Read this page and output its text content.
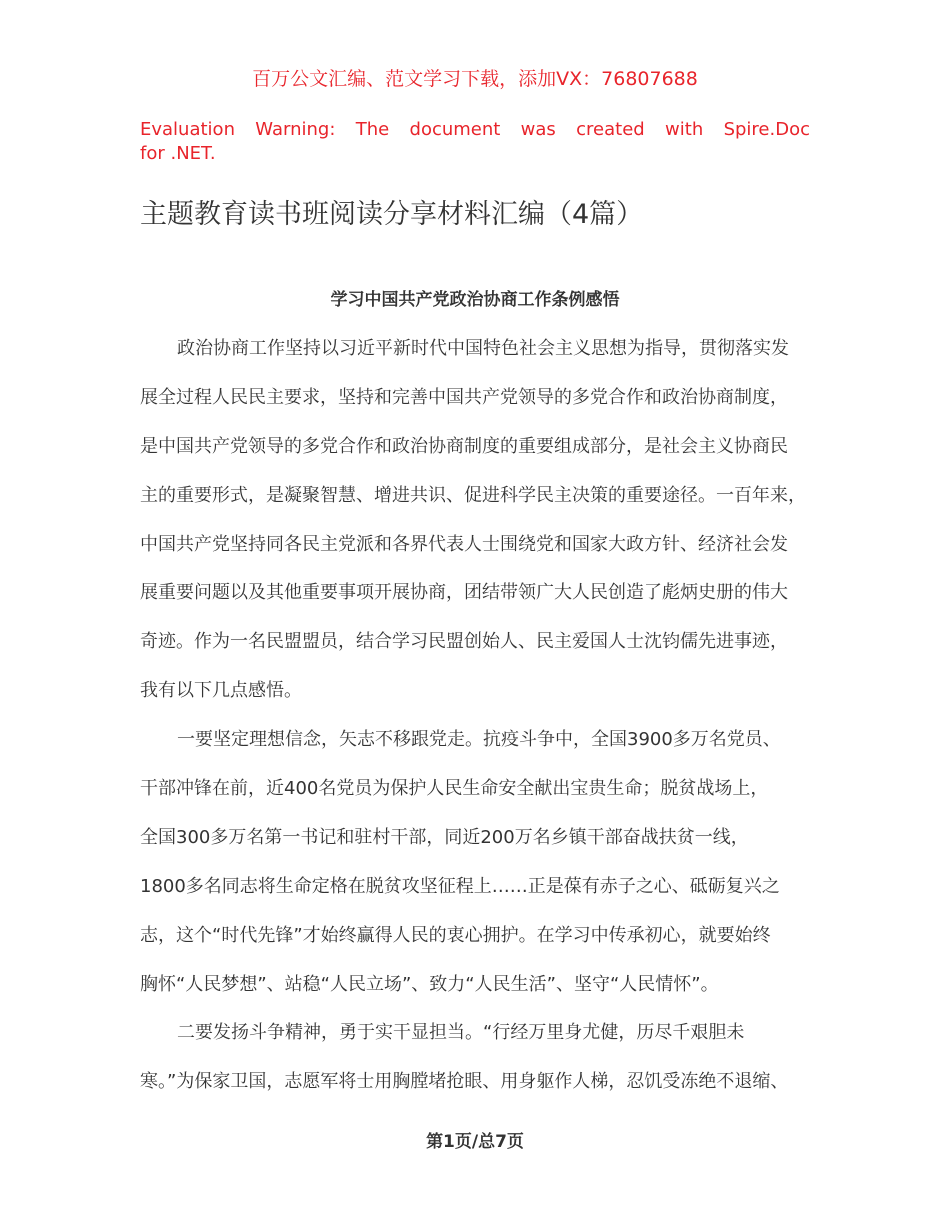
百万公文汇编、范文学习下载，添加VX：76807688
Evaluation Warning: The document was created with Spire.Doc
for .NET.
主题教育读书班阅读分享材料汇编（4篇）
学习中国共产党政治协商工作条例感悟
政治协商工作坚持以习近平新时代中国特色社会主义思想为指导，贯彻落实发
展全过程人民民主要求，坚持和完善中国共产党领导的多党合作和政治协商制度，
是中国共产党领导的多党合作和政治协商制度的重要组成部分，是社会主义协商民
主的重要形式，是凝聚智慧、增进共识、促进科学民主决策的重要途径。一百年来，
中国共产党坚持同各民主党派和各界代表人士围绕党和国家大政方针、经济社会发
展重要问题以及其他重要事项开展协商，团结带领广大人民创造了彪炳史册的伟大
奇迹。作为一名民盟盟员，结合学习民盟创始人、民主爱国人士沈钧儒先进事迹，
我有以下几点感悟。
一要坚定理想信念，矢志不移跟党走。抗疫斗争中，全国3900多万名党员、
干部冲锋在前，近400名党员为保护人民生命安全献出宝贵生命；脱贫战场上，
全国300多万名第一书记和驻村干部，同近200万名乡镇干部奋战扶贫一线，
1800多名同志将生命定格在脱贫攻坚征程上……正是葆有赤子之心、砥砺复兴之
志，这个“时代先锋”才始终赢得人民的衷心拥护。在学习中传承初心，就要始终
胸怀“人民梦想”、站稳“人民立场”、致力“人民生活”、坚守“人民情怀”。
二要发扬斗争精神，勇于实干显担当。“行经万里身尤健，历尽千艰胆未
寒。”为保家卫国，志愿军将士用胸膛堵抢眼、用身躯作人梯，忍饥受冻绝不退缩、
第1页/总7页
